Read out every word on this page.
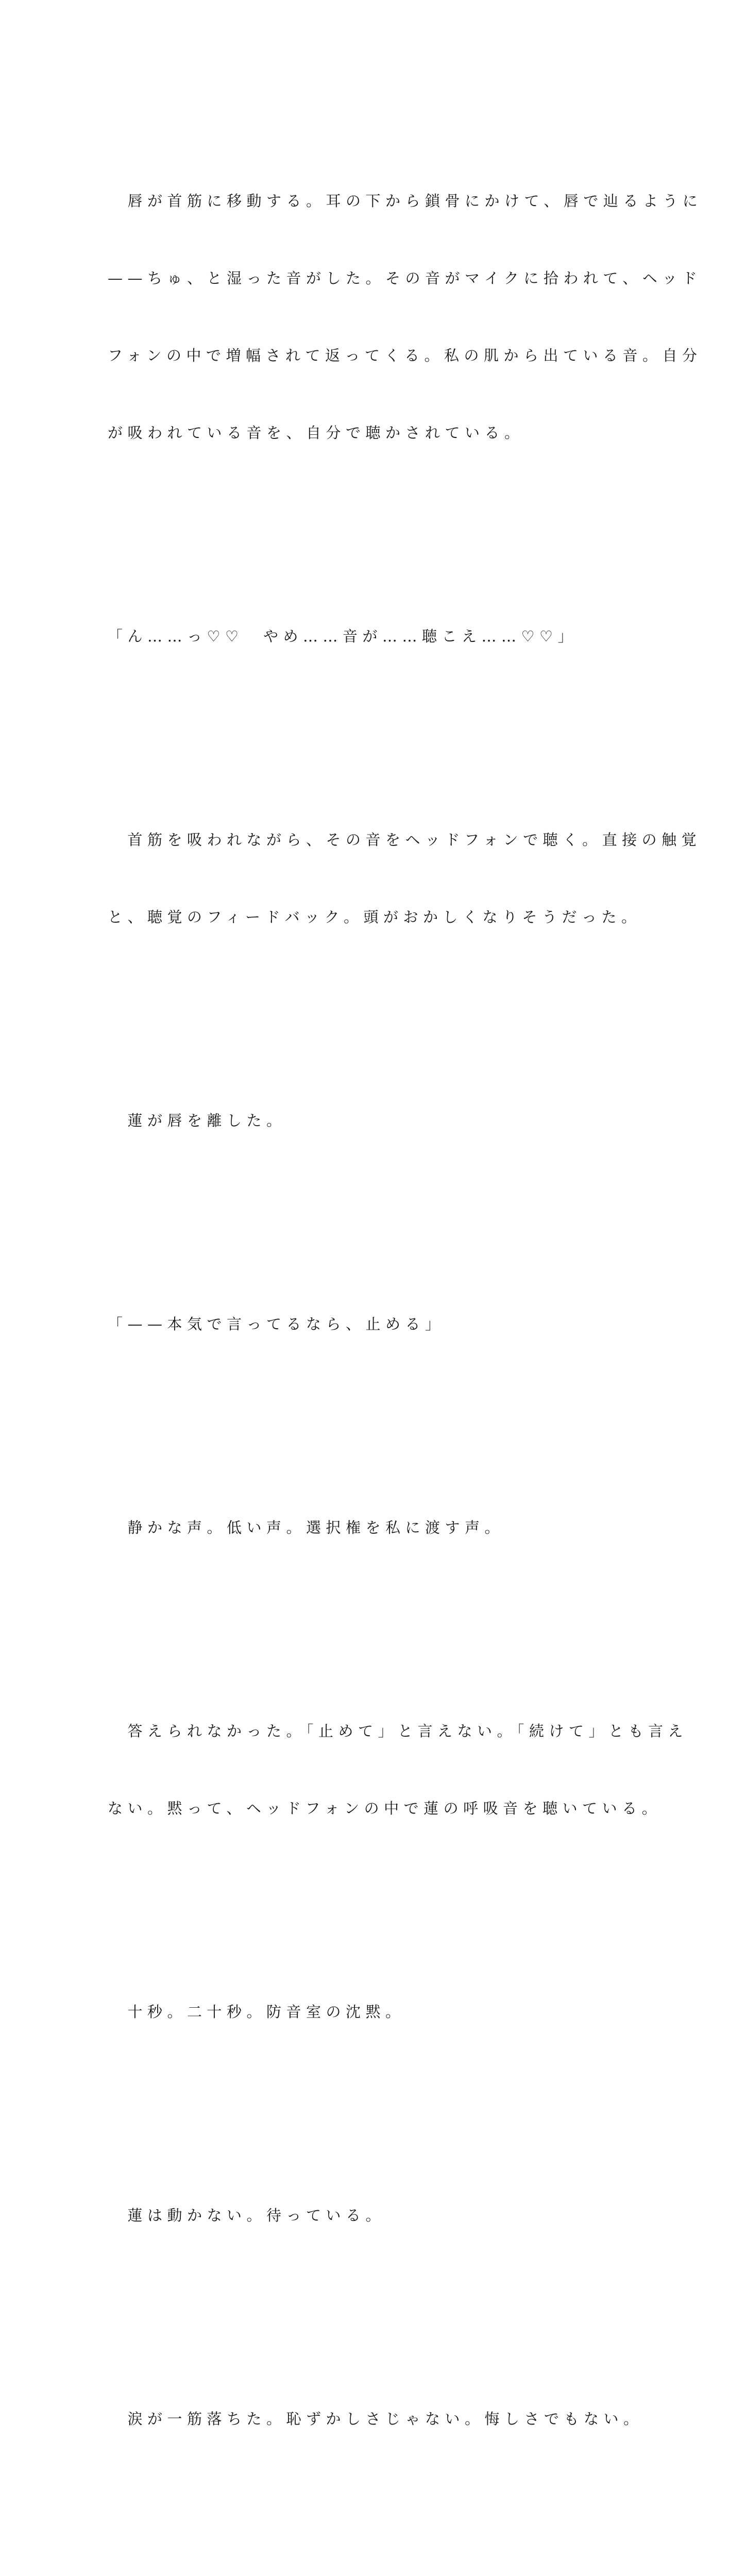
　唇が首筋に移動する。耳の下から鎖骨にかけて、唇で辿るように

——ちゅ、と湿った音がした。その音がマイクに拾われて、ヘッド

フォンの中で増幅されて返ってくる。私の肌から出ている音。自分

が吸われている音を、自分で聴かされている。

「ん……っ♡♡　やめ……音が……聴こえ……♡♡」

　首筋を吸われながら、その音をヘッドフォンで聴く。直接の触覚

と、聴覚のフィードバック。頭がおかしくなりそうだった。

　蓮が唇を離した。

「——本気で言ってるなら、止める」

　静かな声。低い声。選択権を私に渡す声。

　答えられなかった。「止めて」と言えない。「続けて」とも言え

ない。黙って、ヘッドフォンの中で蓮の呼吸音を聴いている。

　十秒。二十秒。防音室の沈黙。

　蓮は動かない。待っている。

　涙が一筋落ちた。恥ずかしさじゃない。悔しさでもない。
